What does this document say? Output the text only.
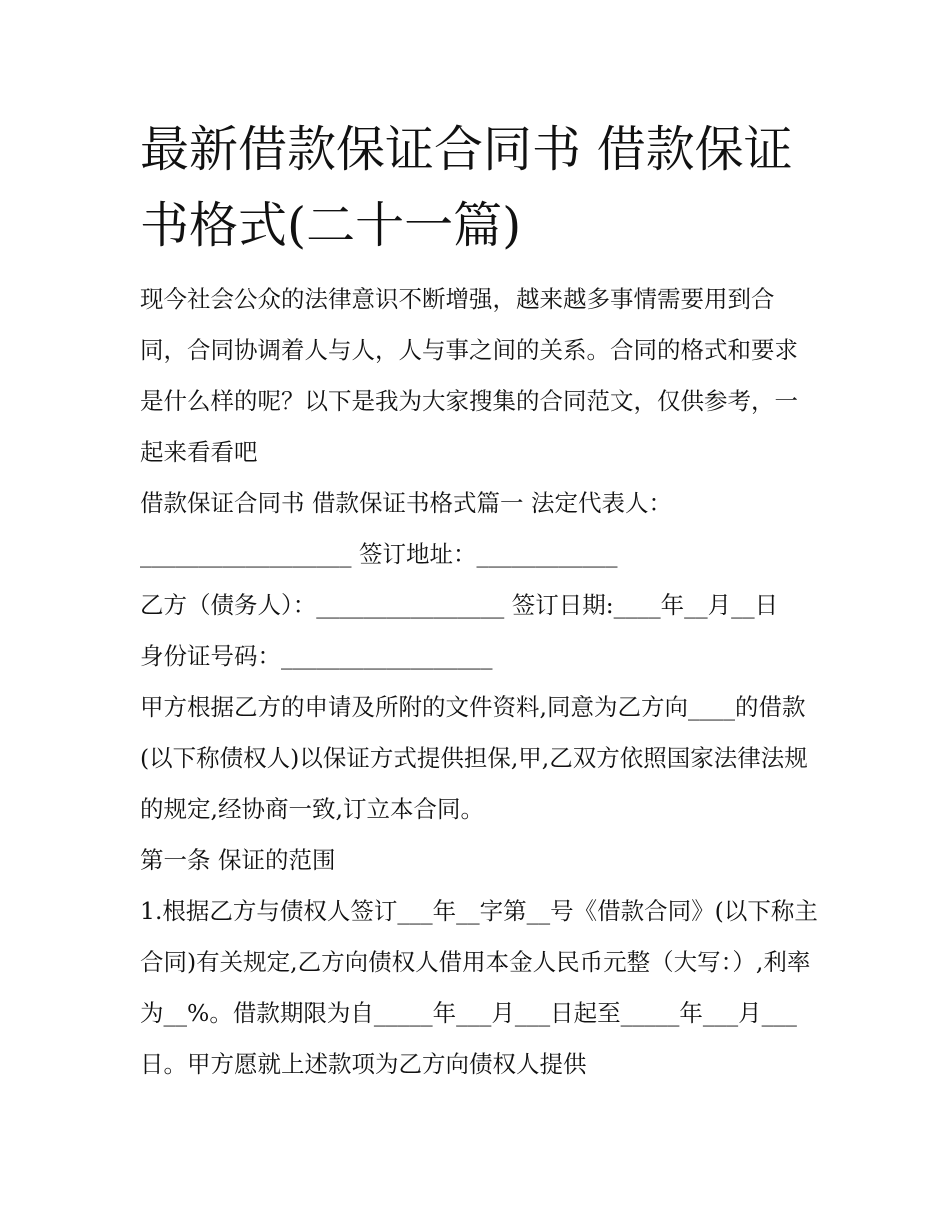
最新借款保证合同书 借款保证书格式(二十一篇)

现今社会公众的法律意识不断增强，越来越多事情需要用到合同，合同协调着人与人，人与事之间的关系。合同的格式和要求是什么样的呢？以下是我为大家搜集的合同范文，仅供参考，一起来看看吧

借款保证合同书 借款保证书格式篇一 法定代表人：
__________________ 签订地址：____________
乙方（债务人）：________________ 签订日期:____年__月__日
身份证号码：__________________

甲方根据乙方的申请及所附的文件资料,同意为乙方向____的借款(以下称债权人)以保证方式提供担保,甲,乙双方依照国家法律法规的规定,经协商一致,订立本合同。

第一条 保证的范围

1.根据乙方与债权人签订___年__字第__号《借款合同》(以下称主合同)有关规定,乙方向债权人借用本金人民币元整（大写：）,利率为__%。借款期限为自_____年___月___日起至_____年___月___日。甲方愿就上述款项为乙方向债权人提供
